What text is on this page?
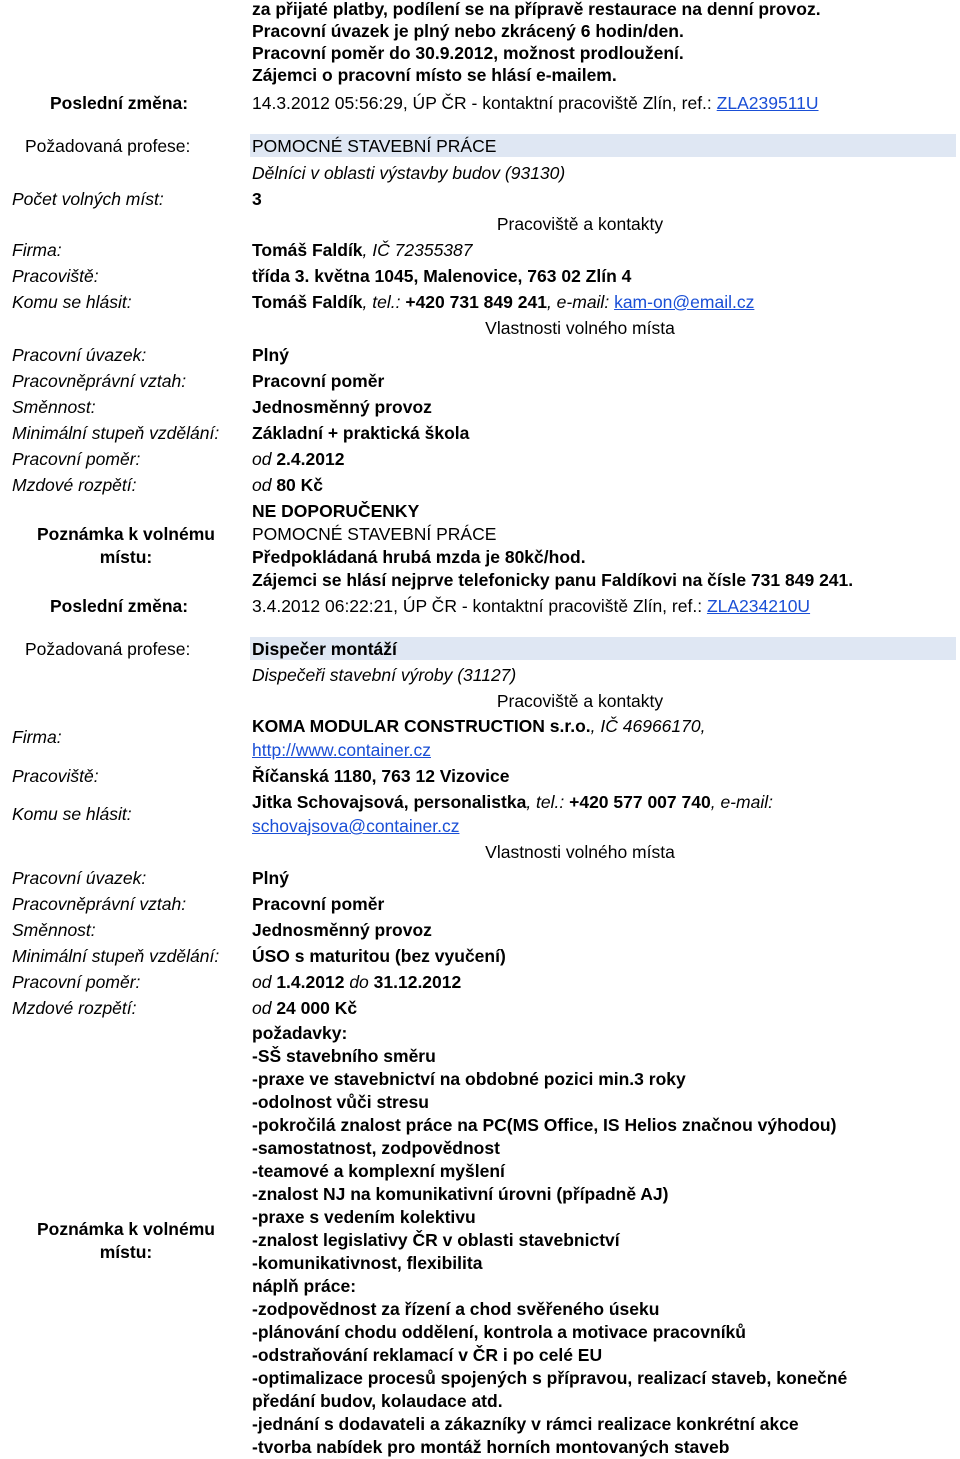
za přijaté platby, podílení se na přípravě restaurace na denní provoz.
Pracovní úvazek je plný nebo zkrácený 6 hodin/den.
Pracovní poměr do 30.9.2012, možnost prodloužení.
Zájemci o pracovní místo se hlásí e-mailem.
Poslední změna:	14.3.2012 05:56:29, ÚP ČR - kontaktní pracoviště Zlín, ref.: ZLA239511U
Požadovaná profese:	POMOCNÉ STAVEBNÍ PRÁCE
Dělníci v oblasti výstavby budov (93130)
Počet volných míst:	3
Pracoviště a kontakty
Firma:	Tomáš Faldík, IČ 72355387
Pracoviště:	třída 3. května 1045, Malenovice, 763 02 Zlín 4
Komu se hlásit:	Tomáš Faldík, tel.: +420 731 849 241, e-mail: kam-on@email.cz
Vlastnosti volného místa
Pracovní úvazek:	Plný
Pracovněprávní vztah:	Pracovní poměr
Směnnost:	Jednosměnný provoz
Minimální stupeň vzdělání: Základní + praktická škola
Pracovní poměr:	od 2.4.2012
Mzdové rozpětí:	od 80 Kč
Poznámka k volnému místu:
NE DOPORUČENKY
POMOCNÉ STAVEBNÍ PRÁCE
Předpokládaná hrubá mzda je 80kč/hod.
Zájemci se hlásí nejprve telefonicky panu Faldíkovi na čísle 731 849 241.
Poslední změna:	3.4.2012 06:22:21, ÚP ČR - kontaktní pracoviště Zlín, ref.: ZLA234210U
Požadovaná profese:	Dispečer montáží
Dispečeři stavební výroby (31127)
Pracoviště a kontakty
Firma:
KOMA MODULAR CONSTRUCTION s.r.o., IČ 46966170,
http://www.container.cz
Pracoviště:	Říčanská 1180, 763 12 Vizovice
Komu se hlásit:
Jitka Schovajsová, personalistka, tel.: +420 577 007 740, e-mail:
schovajsova@container.cz
Vlastnosti volného místa
Pracovní úvazek:	Plný
Pracovněprávní vztah:	Pracovní poměr
Směnnost:	Jednosměnný provoz
Minimální stupeň vzdělání: ÚSO s maturitou (bez vyučení)
Pracovní poměr:	od 1.4.2012 do 31.12.2012
Mzdové rozpětí:	od 24 000 Kč
Poznámka k volnému místu:
požadavky:
-SŠ stavebního směru
-praxe ve stavebnictví na obdobné pozici min.3 roky
-odolnost vůči stresu
-pokročilá znalost práce na PC(MS Office, IS Helios značnou výhodou)
-samostatnost, zodpovědnost
-teamové a komplexní myšlení
-znalost NJ na komunikativní úrovni (případně AJ)
-praxe s vedením kolektivu
-znalost legislativy ČR v oblasti stavebnictví
-komunikativnost, flexibilita
náplň práce:
-zodpovědnost za řízení a chod svěřeného úseku
-plánování chodu oddělení, kontrola a motivace pracovníků
-odstraňování reklamací v ČR i po celé EU
-optimalizace procesů spojených s přípravou, realizací staveb, konečné
předání budov, kolaudace atd.
-jednání s dodavateli a zákazníky v rámci realizace konkrétní akce
-tvorba nabídek pro montáž horních montovaných staveb
